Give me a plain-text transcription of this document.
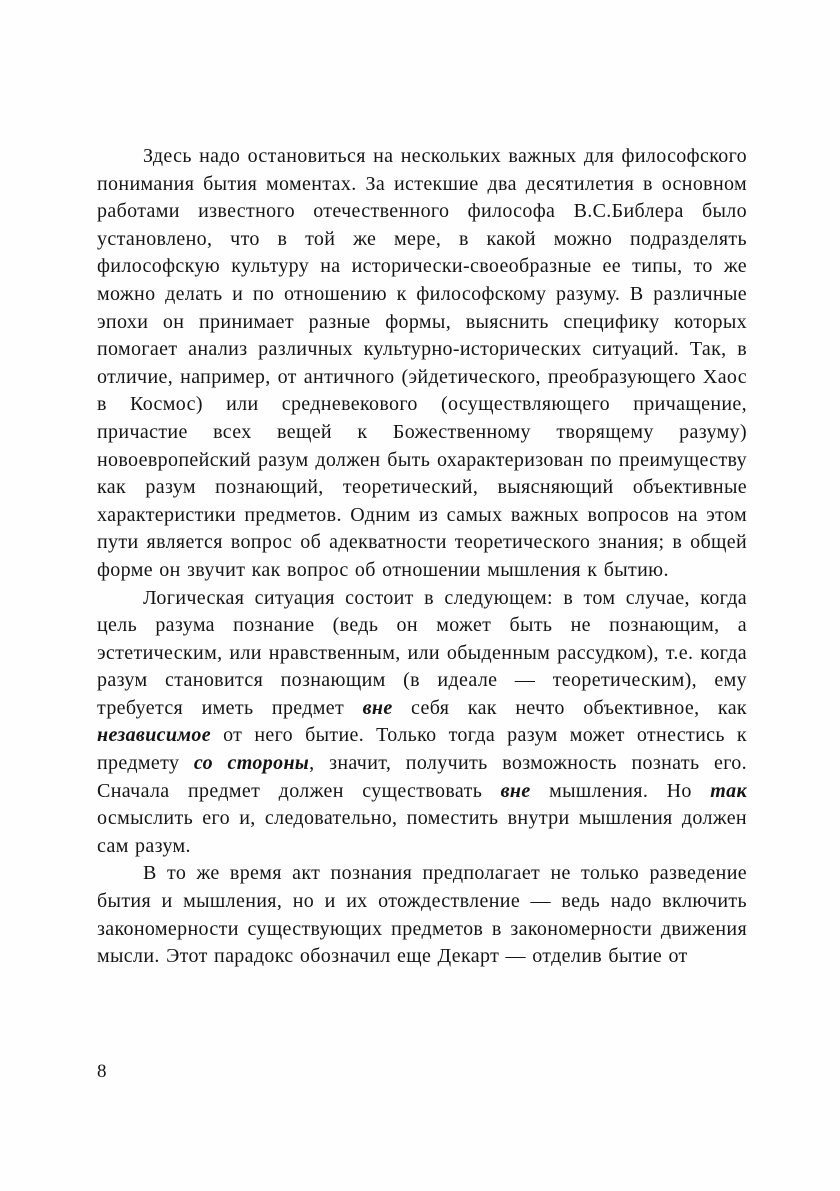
Здесь надо остановиться на нескольких важных для философского понимания бытия моментах. За истекшие два десятилетия в основном работами известного отечественного философа В.С.Библера было установлено, что в той же мере, в какой можно подразделять философскую культуру на исторически-своеобразные ее типы, то же можно делать и по отношению к философскому разуму. В различные эпохи он принимает разные формы, выяснить специфику которых помогает анализ различных культурно-исторических ситуаций. Так, в отличие, например, от античного (эйдетического, преобразующего Хаос в Космос) или средневекового (осуществляющего причащение, причастие всех вещей к Божественному творящему разуму) новоевропейский разум должен быть охарактеризован по преимуществу как разум познающий, теоретический, выясняющий объективные характеристики предметов. Одним из самых важных вопросов на этом пути является вопрос об адекватности теоретического знания; в общей форме он звучит как вопрос об отношении мышления к бытию.

Логическая ситуация состоит в следующем: в том случае, когда цель разума познание (ведь он может быть не познающим, а эстетическим, или нравственным, или обыденным рассудком), т.е. когда разум становится познающим (в идеале — теоретическим), ему требуется иметь предмет вне себя как нечто объективное, как независимое от него бытие. Только тогда разум может отнестись к предмету со стороны, значит, получить возможность познать его. Сначала предмет должен существовать вне мышления. Но так осмыслить его и, следовательно, поместить внутри мышления должен сам разум.

В то же время акт познания предполагает не только разведение бытия и мышления, но и их отождествление — ведь надо включить закономерности существующих предметов в закономерности движения мысли. Этот парадокс обозначил еще Декарт — отделив бытие от

8
